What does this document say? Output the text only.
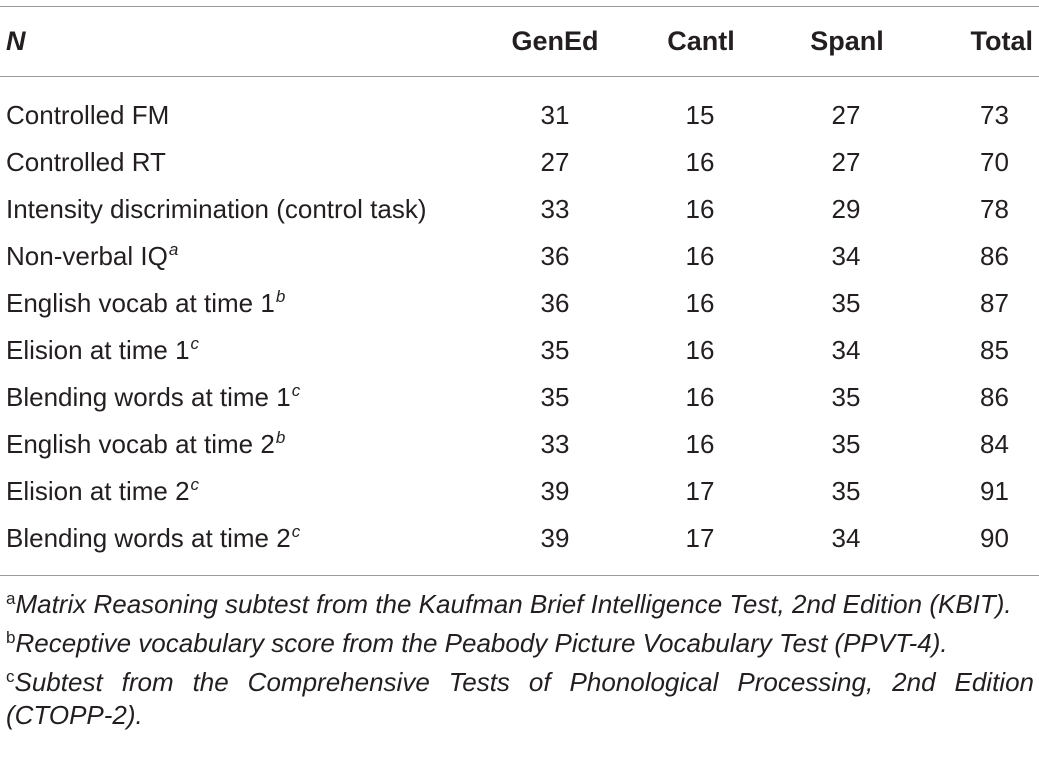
N	GenEd	Cantl	Spanl	Total
Controlled FM	31	15	27	73
Controlled RT	27	16	27	70
Intensity discrimination (control task)	33	16	29	78
Non-verbal $IQ^a$	36	16	34	86
English vocab at time 1$^b$	36	16	35	87
Elision at time 1$^c$	35	16	34	85
Blending words at time 1$^c$	35	16	35	86
English vocab at time 2$^b$	33	16	35	84
Elision at time 2$^c$	39	17	35	91
Blending words at time 2$^c$	39	17	34	90

$^a$Matrix Reasoning subtest from the Kaufman Brief Intelligence Test, 2nd Edition (KBIT).

$^b$Receptive vocabulary score from the Peabody Picture Vocabulary Test (PPVT-4).

$^c$Subtest from the Comprehensive Tests of Phonological Processing, 2nd Edition (CTOPP-2).
